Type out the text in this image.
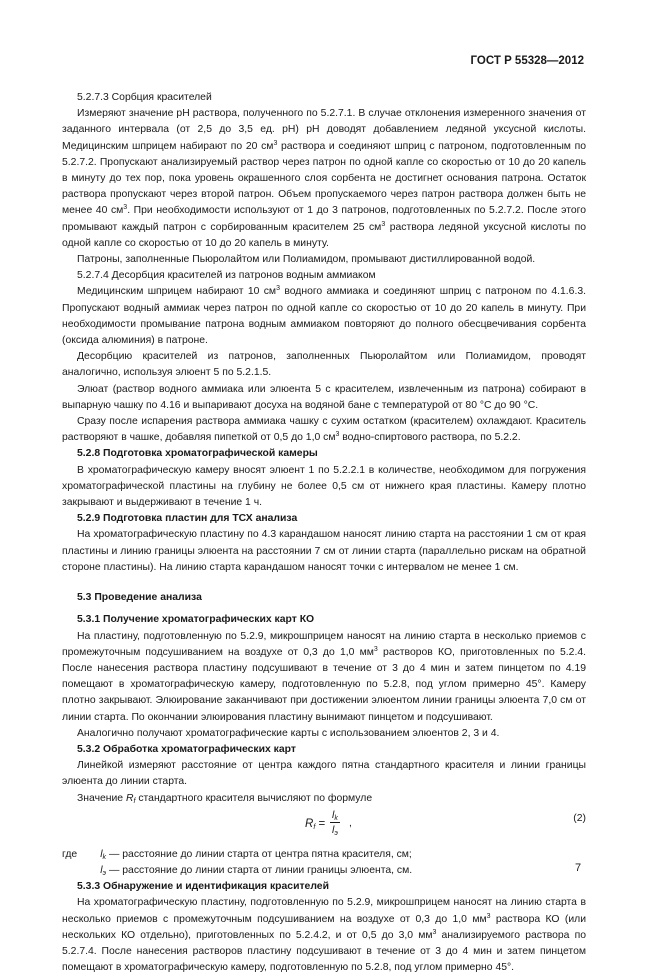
ГОСТ Р 55328—2012

5.2.7.3 Сорбция красителей

Измеряют значение pH раствора, полученного по 5.2.7.1. В случае отклонения измеренного значения от заданного интервала (от 2,5 до 3,5 ед. pH) pH доводят добавлением ледяной уксусной кислоты. Медицинским шприцем набирают по 20 $см^3$ раствора и соединяют шприц с патроном, подготовленным по 5.2.7.2. Пропускают анализируемый раствор через патрон по одной капле со скоростью от 10 до 20 капель в минуту до тех пор, пока уровень окрашенного слоя сорбента не достигнет основания патрона. Остаток раствора пропускают через второй патрон. Объем пропускаемого через патрон раствора должен быть не менее 40 $см^3$. При необходимости используют от 1 до 3 патронов, подготовленных по 5.2.7.2. После этого промывают каждый патрон с сорбированным красителем 25 $см^3$ раствора ледяной уксусной кислоты по одной капле со скоростью от 10 до 20 капель в минуту.

Патроны, заполненные Пьюролайтом или Полиамидом, промывают дистиллированной водой.

5.2.7.4 Десорбция красителей из патронов водным аммиаком

Медицинским шприцем набирают 10 $см^3$ водного аммиака и соединяют шприц с патроном по 4.1.6.3. Пропускают водный аммиак через патрон по одной капле со скоростью от 10 до 20 капель в минуту. При необходимости промывание патрона водным аммиаком повторяют до полного обесцвечивания сорбента (оксида алюминия) в патроне.

Десорбцию красителей из патронов, заполненных Пьюролайтом или Полиамидом, проводят аналогично, используя элюент 5 по 5.2.1.5.

Элюат (раствор водного аммиака или элюента 5 с красителем, извлеченным из патрона) собирают в выпарную чашку по 4.16 и выпаривают досуха на водяной бане с температурой от 80 °С до 90 °С.

Сразу после испарения раствора аммиака чашку с сухим остатком (красителем) охлаждают. Краситель растворяют в чашке, добавляя пипеткой от 0,5 до 1,0 $см^3$ водно-спиртового раствора, по 5.2.2.

5.2.8 Подготовка хроматографической камеры

В хроматографическую камеру вносят элюент 1 по 5.2.2.1 в количестве, необходимом для погружения хроматографической пластины на глубину не более 0,5 см от нижнего края пластины. Камеру плотно закрывают и выдерживают в течение 1 ч.

5.2.9 Подготовка пластин для ТСХ анализа

На хроматографическую пластину по 4.3 карандашом наносят линию старта на расстоянии 1 см от края пластины и линию границы элюента на расстоянии 7 см от линии старта (параллельно рискам на обратной стороне пластины). На линию старта карандашом наносят точки с интервалом не менее 1 см.

5.3 Проведение анализа

5.3.1 Получение хроматографических карт КО

На пластину, подготовленную по 5.2.9, микрошприцем наносят на линию старта в несколько приемов с промежуточным подсушиванием на воздухе от 0,3 до 1,0 $мм^3$ растворов КО, приготовленных по 5.2.4. После нанесения раствора пластину подсушивают в течение от 3 до 4 мин и затем пинцетом по 4.19 помещают в хроматографическую камеру, подготовленную по 5.2.8, под углом примерно 45°. Камеру плотно закрывают. Элюирование заканчивают при достижении элюентом линии границы элюента 7,0 см от линии старта. По окончании элюирования пластину вынимают пинцетом и подсушивают.

Аналогично получают хроматографические карты с использованием элюентов 2, 3 и 4.

5.3.2 Обработка хроматографических карт

Линейкой измеряют расстояние от центра каждого пятна стандартного красителя и линии границы элюента до линии старта.

Значение $R_f$ стандартного красителя вычисляют по формуле

$R_f$ =
$l_k$
$l_э$
,	(2)
где	$l_k$ — расстояние до линии старта от центра пятна красителя, см;
$l_э$ — расстояние до линии старта от линии границы элюента, см.

5.3.3 Обнаружение и идентификация красителей

На хроматографическую пластину, подготовленную по 5.2.9, микрошприцем наносят на линию старта в несколько приемов с промежуточным подсушиванием на воздухе от 0,3 до 1,0 $мм^3$ раствора КО (или нескольких КО отдельно), приготовленных по 5.2.4.2, и от 0,5 до 3,0 $мм^3$ анализируемого раствора по 5.2.7.4. После нанесения растворов пластину подсушивают в течение от 3 до 4 мин и затем пинцетом помещают в хроматографическую камеру, подготовленную по 5.2.8, под углом примерно 45°.

7
